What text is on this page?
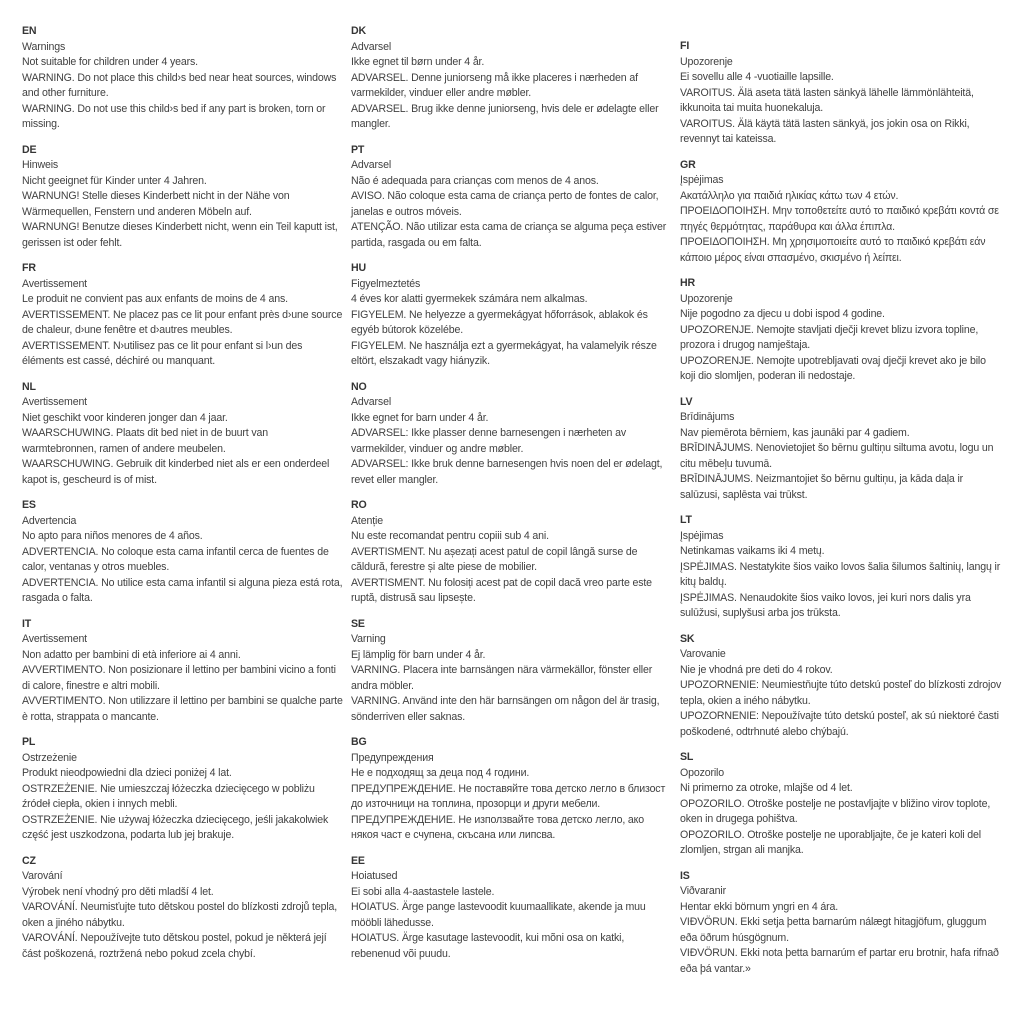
EN

Warnings

Not suitable for children under 4 years.

WARNING. Do not place this child›s bed near heat sources, windows and other furniture.

WARNING. Do not use this child›s bed if any part is broken, torn or missing.

DE

Hinweis

Nicht geeignet für Kinder unter 4 Jahren.

WARNUNG! Stelle dieses Kinderbett nicht in der Nähe von Wärmequellen, Fenstern und anderen Möbeln auf.

WARNUNG! Benutze dieses Kinderbett nicht, wenn ein Teil kaputt ist, gerissen ist oder fehlt.

FR

Avertissement

Le produit ne convient pas aux enfants de moins de 4 ans.

AVERTISSEMENT. Ne placez pas ce lit pour enfant près d›une source de chaleur, d›une fenêtre et d›autres meubles.

AVERTISSEMENT. N›utilisez pas ce lit pour enfant si l›un des éléments est cassé, déchiré ou manquant.

NL

Avertissement

Niet geschikt voor kinderen jonger dan 4 jaar.

WAARSCHUWING. Plaats dit bed niet in de buurt van warmtebronnen, ramen of andere meubelen.

WAARSCHUWING. Gebruik dit kinderbed niet als er een onderdeel kapot is, gescheurd is of mist.

ES

Advertencia

No apto para niños menores de 4 años.

ADVERTENCIA. No coloque esta cama infantil cerca de fuentes de calor, ventanas y otros muebles.

ADVERTENCIA. No utilice esta cama infantil si alguna pieza está rota, rasgada o falta.

IT

Avertissement

Non adatto per bambini di età inferiore ai 4 anni.

AVVERTIMENTO. Non posizionare il lettino per bambini vicino a fonti di calore, finestre e altri mobili.

AVVERTIMENTO. Non utilizzare il lettino per bambini se qualche parte è rotta, strappata o mancante.

PL

Ostrzeżenie

Produkt nieodpowiedni dla dzieci poniżej 4 lat.

OSTRZEŻENIE. Nie umieszczaj łóżeczka dziecięcego w pobliżu źródeł ciepła, okien i innych mebli.

OSTRZEŻENIE. Nie używaj łóżeczka dziecięcego, jeśli jakakolwiek część jest uszkodzona, podarta lub jej brakuje.

CZ

Varování

Výrobek není vhodný pro děti mladší 4 let.

VAROVÁNÍ. Neumisťujte tuto dětskou postel do blízkosti zdrojů tepla, oken a jiného nábytku.

VAROVÁNÍ. Nepoužívejte tuto dětskou postel, pokud je některá její část poškozená, roztržená nebo pokud zcela chybí.

DK

Advarsel

Ikke egnet til børn under 4 år.

ADVARSEL. Denne juniorseng må ikke placeres i nærheden af varmekilder, vinduer eller andre møbler.

ADVARSEL. Brug ikke denne juniorseng, hvis dele er ødelagte eller mangler.

PT

Advarsel

Não é adequada para crianças com menos de 4 anos.

AVISO. Não coloque esta cama de criança perto de fontes de calor, janelas e outros móveis.

ATENÇÃO. Não utilizar esta cama de criança se alguma peça estiver partida, rasgada ou em falta.

HU

Figyelmeztetés

4 éves kor alatti gyermekek számára nem alkalmas.

FIGYELEM. Ne helyezze a gyermekágyat hőforrások, ablakok és egyéb bútorok közelébe.

FIGYELEM. Ne használja ezt a gyermekágyat, ha valamelyik része eltört, elszakadt vagy hiányzik.

NO

Advarsel

Ikke egnet for barn under 4 år.

ADVARSEL: Ikke plasser denne barnesengen i nærheten av varmekilder, vinduer og andre møbler.

ADVARSEL: Ikke bruk denne barnesengen hvis noen del er ødelagt, revet eller mangler.

RO

Atenție

Nu este recomandat pentru copiii sub 4 ani.

AVERTISMENT. Nu așezați acest patul de copil lângă surse de căldură, ferestre și alte piese de mobilier.

AVERTISMENT. Nu folosiți acest pat de copil dacă vreo parte este ruptă, distrusă sau lipsește.

SE

Varning

Ej lämplig för barn under 4 år.

VARNING. Placera inte barnsängen nära värmekällor, fönster eller andra möbler.

VARNING. Använd inte den här barnsängen om någon del är trasig, sönderriven eller saknas.

BG

Предупреждения

Не е подходящ за деца под 4 години.

ПРЕДУПРЕЖДЕНИЕ. Не поставяйте това детско легло в близост до източници на топлина, прозорци и други мебели.

ПРЕДУПРЕЖДЕНИЕ. Не използвайте това детско легло, ако някоя част е счупена, скъсана или липсва.

EE

Hoiatused

Ei sobi alla 4-aastastele lastele.

HOIATUS. Ärge pange lastevoodit kuumaallikate, akende ja muu mööbli lähedusse.

HOIATUS. Ärge kasutage lastevoodit, kui mõni osa on katki, rebenenud või puudu.

FI

Upozorenje

Ei sovellu alle 4 -vuotiaille lapsille.

VAROITUS. Älä aseta tätä lasten sänkyä lähelle lämmönlähteitä, ikkunoita tai muita huonekaluja.

VAROITUS. Älä käytä tätä lasten sänkyä, jos jokin osa on Rikki, revennyt tai kateissa.

GR

Įspėjimas

Ακατάλληλο για παιδιά ηλικίας κάτω των 4 ετών.

ΠΡΟΕΙΔΟΠΟΙΗΣΗ. Μην τοποθετείτε αυτό το παιδικό κρεβάτι κοντά σε πηγές θερμότητας, παράθυρα και άλλα έπιπλα.

ΠΡΟΕΙΔΟΠΟΙΗΣΗ. Μη χρησιμοποιείτε αυτό το παιδικό κρεβάτι εάν κάποιο μέρος είναι σπασμένο, σκισμένο ή λείπει.

HR

Upozorenje

Nije pogodno za djecu u dobi ispod 4 godine.

UPOZORENJE. Nemojte stavljati dječji krevet blizu izvora topline, prozora i drugog namještaja.

UPOZORENJE. Nemojte upotrebljavati ovaj dječji krevet ako je bilo koji dio slomljen, poderan ili nedostaje.

LV

Brīdinājums

Nav piemērota bērniem, kas jaunāki par 4 gadiem.

BRĪDINĀJUMS. Nenovietojiet šo bērnu gultiņu siltuma avotu, logu un citu mēbeļu tuvumā.

BRĪDINĀJUMS. Neizmantojiet šo bērnu gultiņu, ja kāda daļa ir salūzusi, saplēsta vai trūkst.

LT

Įspėjimas

Netinkamas vaikams iki 4 metų.

ĮSPĖJIMAS. Nestatykite šios vaiko lovos šalia šilumos šaltinių, langų ir kitų baldų.

ĮSPĖJIMAS. Nenaudokite šios vaiko lovos, jei kuri nors dalis yra sulūžusi, suplyšusi arba jos trūksta.

SK

Varovanie

Nie je vhodná pre deti do 4 rokov.

UPOZORNENIE: Neumiestňujte túto detskú posteľ do blízkosti zdrojov tepla, okien a iného nábytku.

UPOZORNENIE: Nepoužívajte túto detskú posteľ, ak sú niektoré časti poškodené, odtrhnuté alebo chýbajú.

SL

Opozorilo

Ni primerno za otroke, mlajše od 4 let.

OPOZORILO. Otroške postelje ne postavljajte v bližino virov toplote, oken in drugega pohištva.

OPOZORILO. Otroške postelje ne uporabljajte, če je kateri koli del zlomljen, strgan ali manjka.

IS

Viðvaranir

Hentar ekki börnum yngri en 4 ára.

VIÐVÖRUN. Ekki setja þetta barnarúm nálægt hitagjöfum, gluggum eða öðrum húsgögnum.

VIÐVÖRUN. Ekki nota þetta barnarúm ef partar eru brotnir, hafa rifnað eða þá vantar.»
